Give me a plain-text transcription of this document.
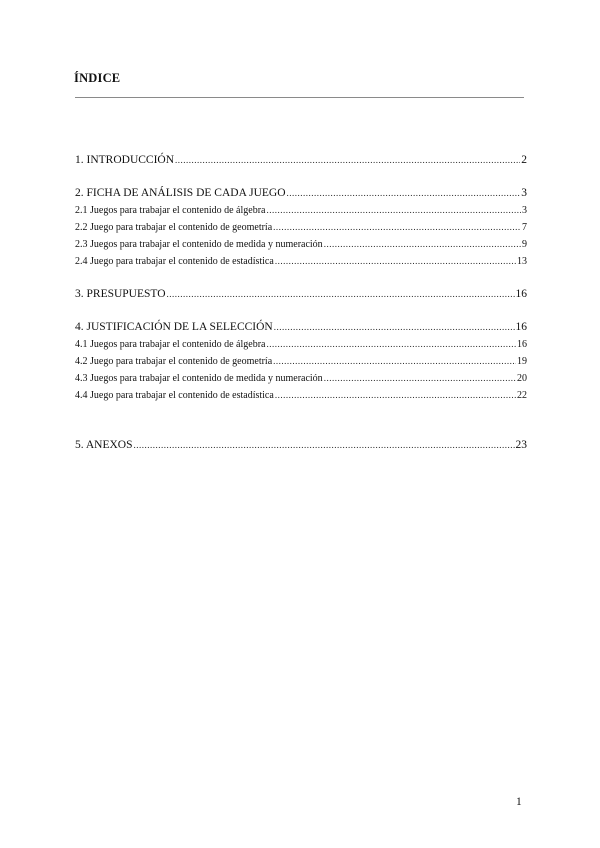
ÍNDICE
1. INTRODUCCIÓN .....	2
2. FICHA DE ANÁLISIS DE CADA JUEGO .....	3
2.1 Juegos para trabajar el contenido de álgebra .....	3
2.2 Juego para trabajar el contenido de geometría .....	7
2.3 Juegos para trabajar el contenido de medida y numeración .....	9
2.4 Juego para trabajar el contenido de estadística .....	13
3. PRESUPUESTO .....	16
4. JUSTIFICACIÓN DE LA SELECCIÓN .....	16
4.1 Juegos para trabajar el contenido de álgebra .....	16
4.2 Juego para trabajar el contenido de geometría .....	19
4.3 Juegos para trabajar el contenido de medida y numeración .....	20
4.4 Juego para trabajar el contenido de estadística .....	22
5. ANEXOS .....	23
1
